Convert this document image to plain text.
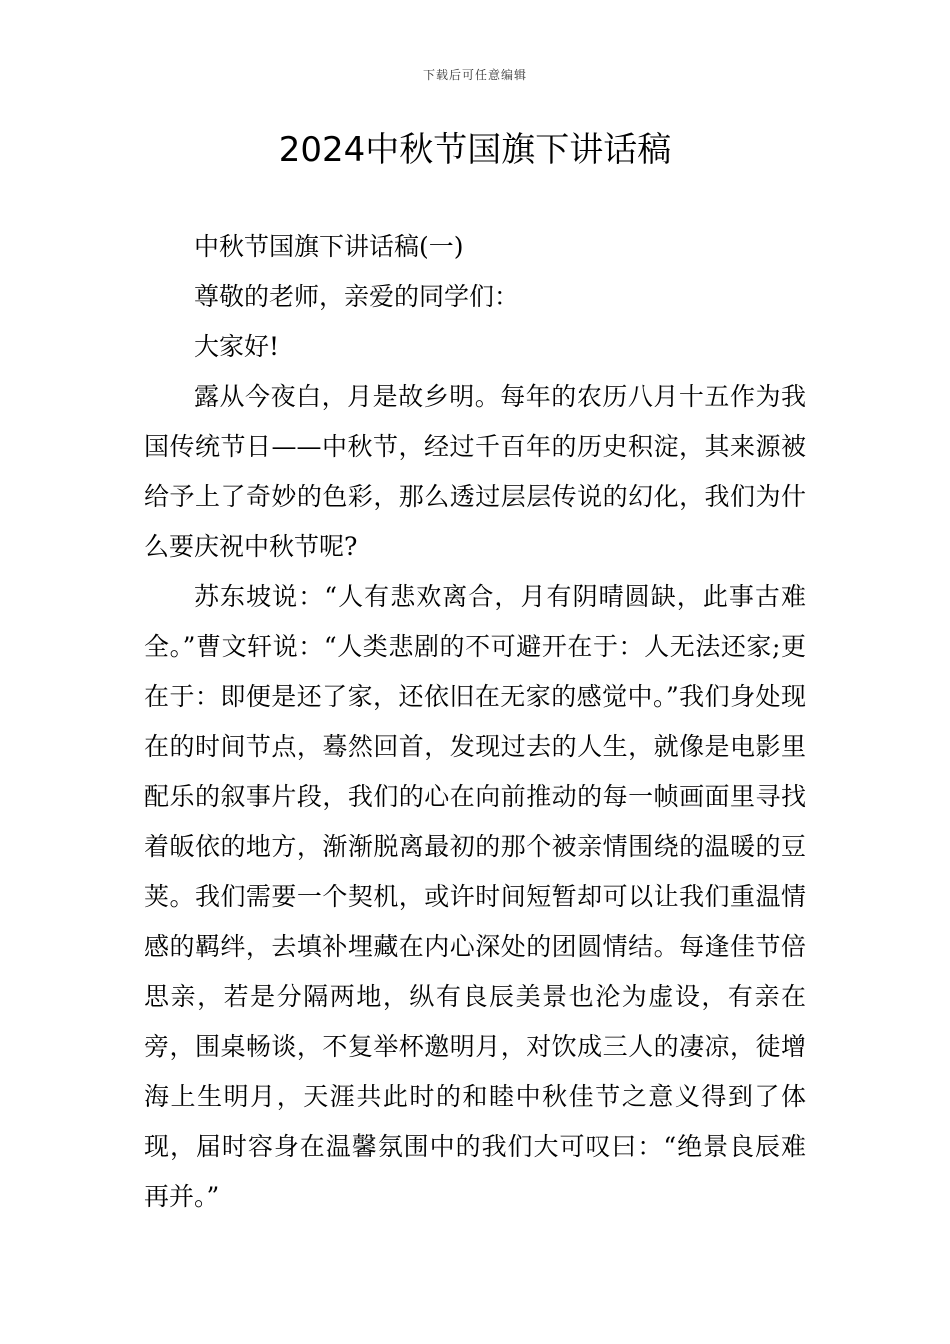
下载后可任意编辑
2024中秋节国旗下讲话稿

中秋节国旗下讲话稿(一)

尊敬的老师，亲爱的同学们：

大家好!

露从今夜白，月是故乡明。每年的农历八月十五作为我国传统节日——中秋节，经过千百年的历史积淀，其来源被给予上了奇妙的色彩，那么透过层层传说的幻化，我们为什么要庆祝中秋节呢?

苏东坡说：“人有悲欢离合，月有阴晴圆缺，此事古难全。”曹文轩说：“人类悲剧的不可避开在于：人无法还家;更在于：即便是还了家，还依旧在无家的感觉中。”我们身处现在的时间节点，蓦然回首，发现过去的人生，就像是电影里配乐的叙事片段，我们的心在向前推动的每一帧画面里寻找着皈依的地方，渐渐脱离最初的那个被亲情围绕的温暖的豆荚。我们需要一个契机，或许时间短暂却可以让我们重温情感的羁绊，去填补埋藏在内心深处的团圆情结。每逢佳节倍思亲，若是分隔两地，纵有良辰美景也沦为虚设，有亲在旁，围桌畅谈，不复举杯邀明月，对饮成三人的凄凉，徒增海上生明月，天涯共此时的和睦中秋佳节之意义得到了体现，届时容身在温馨氛围中的我们大可叹曰：“绝景良辰难再并。”
